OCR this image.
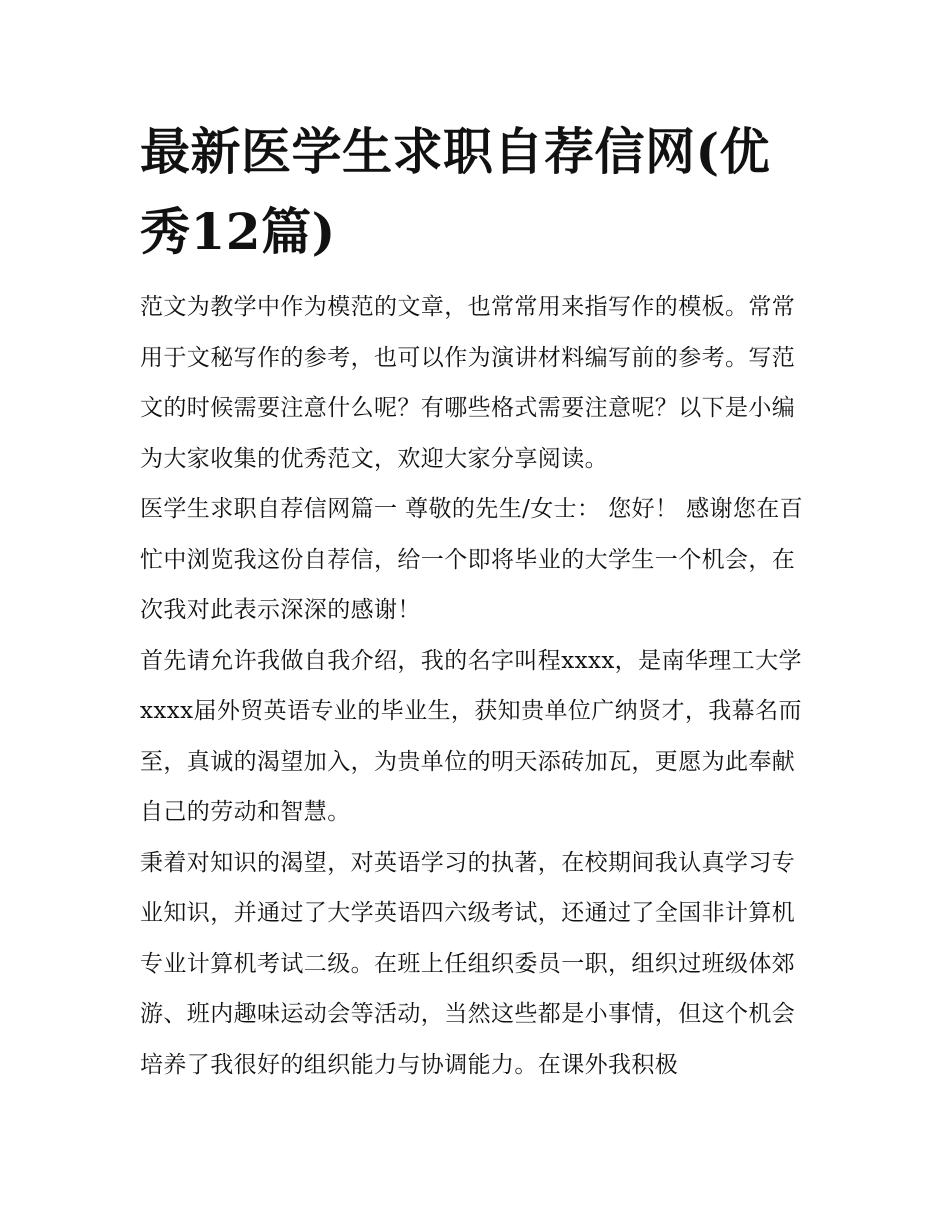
最新医学生求职自荐信网(优秀12篇)

范文为教学中作为模范的文章，也常常用来指写作的模板。常常用于文秘写作的参考，也可以作为演讲材料编写前的参考。写范文的时候需要注意什么呢？有哪些格式需要注意呢？以下是小编为大家收集的优秀范文，欢迎大家分享阅读。

医学生求职自荐信网篇一 尊敬的先生/女士： 您好！ 感谢您在百忙中浏览我这份自荐信，给一个即将毕业的大学生一个机会，在次我对此表示深深的感谢！

首先请允许我做自我介绍，我的名字叫程xxxx，是南华理工大学xxxx届外贸英语专业的毕业生，获知贵单位广纳贤才，我幕名而至，真诚的渴望加入，为贵单位的明天添砖加瓦，更愿为此奉献自己的劳动和智慧。

秉着对知识的渴望，对英语学习的执著，在校期间我认真学习专业知识，并通过了大学英语四六级考试，还通过了全国非计算机专业计算机考试二级。在班上任组织委员一职，组织过班级体郊游、班内趣味运动会等活动，当然这些都是小事情，但这个机会培养了我很好的组织能力与协调能力。在课外我积极
